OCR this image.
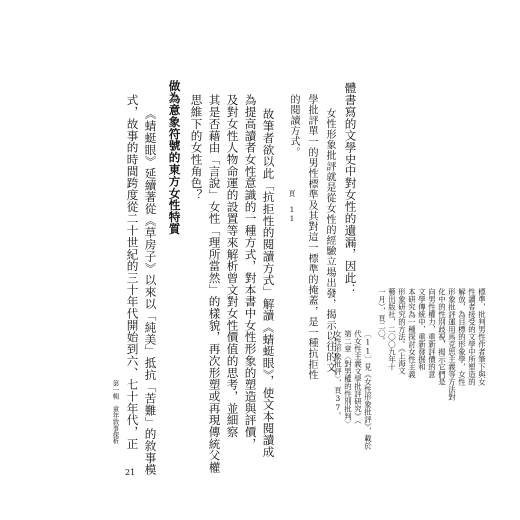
體書寫的文學史中對女性的遺漏，因此：
女性形象批評就是從女性的經驗立場出發，揭示以往的文
學批評單一的男性標準及其對這一標準的掩蓋，是一種抗拒性
的閱讀方式。
頁 11
故筆者欲以此「抗拒性的閱讀方式」解讀《蜻蜓眼》，使文本閱讀成
為提高讀者女性意識的一種方式，對本書中女性形象的塑造與評價，
及對女性人物命運的設置等來解析曾文對女性價值的思考，並細察
其是否藉由「言說」女性「理所當然」的樣貌，再次形塑或再現傳統父權
思維下的女性角色？
做為意象符號的東方女性特質
《蜻蜓眼》延續著從《草房子》以來以「純美」抵抗「苦難」的敘事模
式，故事的時間跨度從二十世紀的三十年代開始到六、七十年代，正	標準，批判男性作者筆下與女
性讀者接受的文學中所塑造的
解放，為目標的形象學，女性
形象批評運用馬克思主義等方法對
化中的性別歧視，揭示它們是
向男性權力，重新評價的意
文學傳統中，重新發掘和
本研究為一種探討女性主義
形象研究的方法。《上海文
藝出版社，二〇〇九年十
一月），頁二〇。
〔11〕見《女性形象批評》，載於
代女性主義文學批評研究》（
第二章〈對男權的性別批判〉
女性形象批評〉，頁37。
第一輯　童年敘事探析
21
